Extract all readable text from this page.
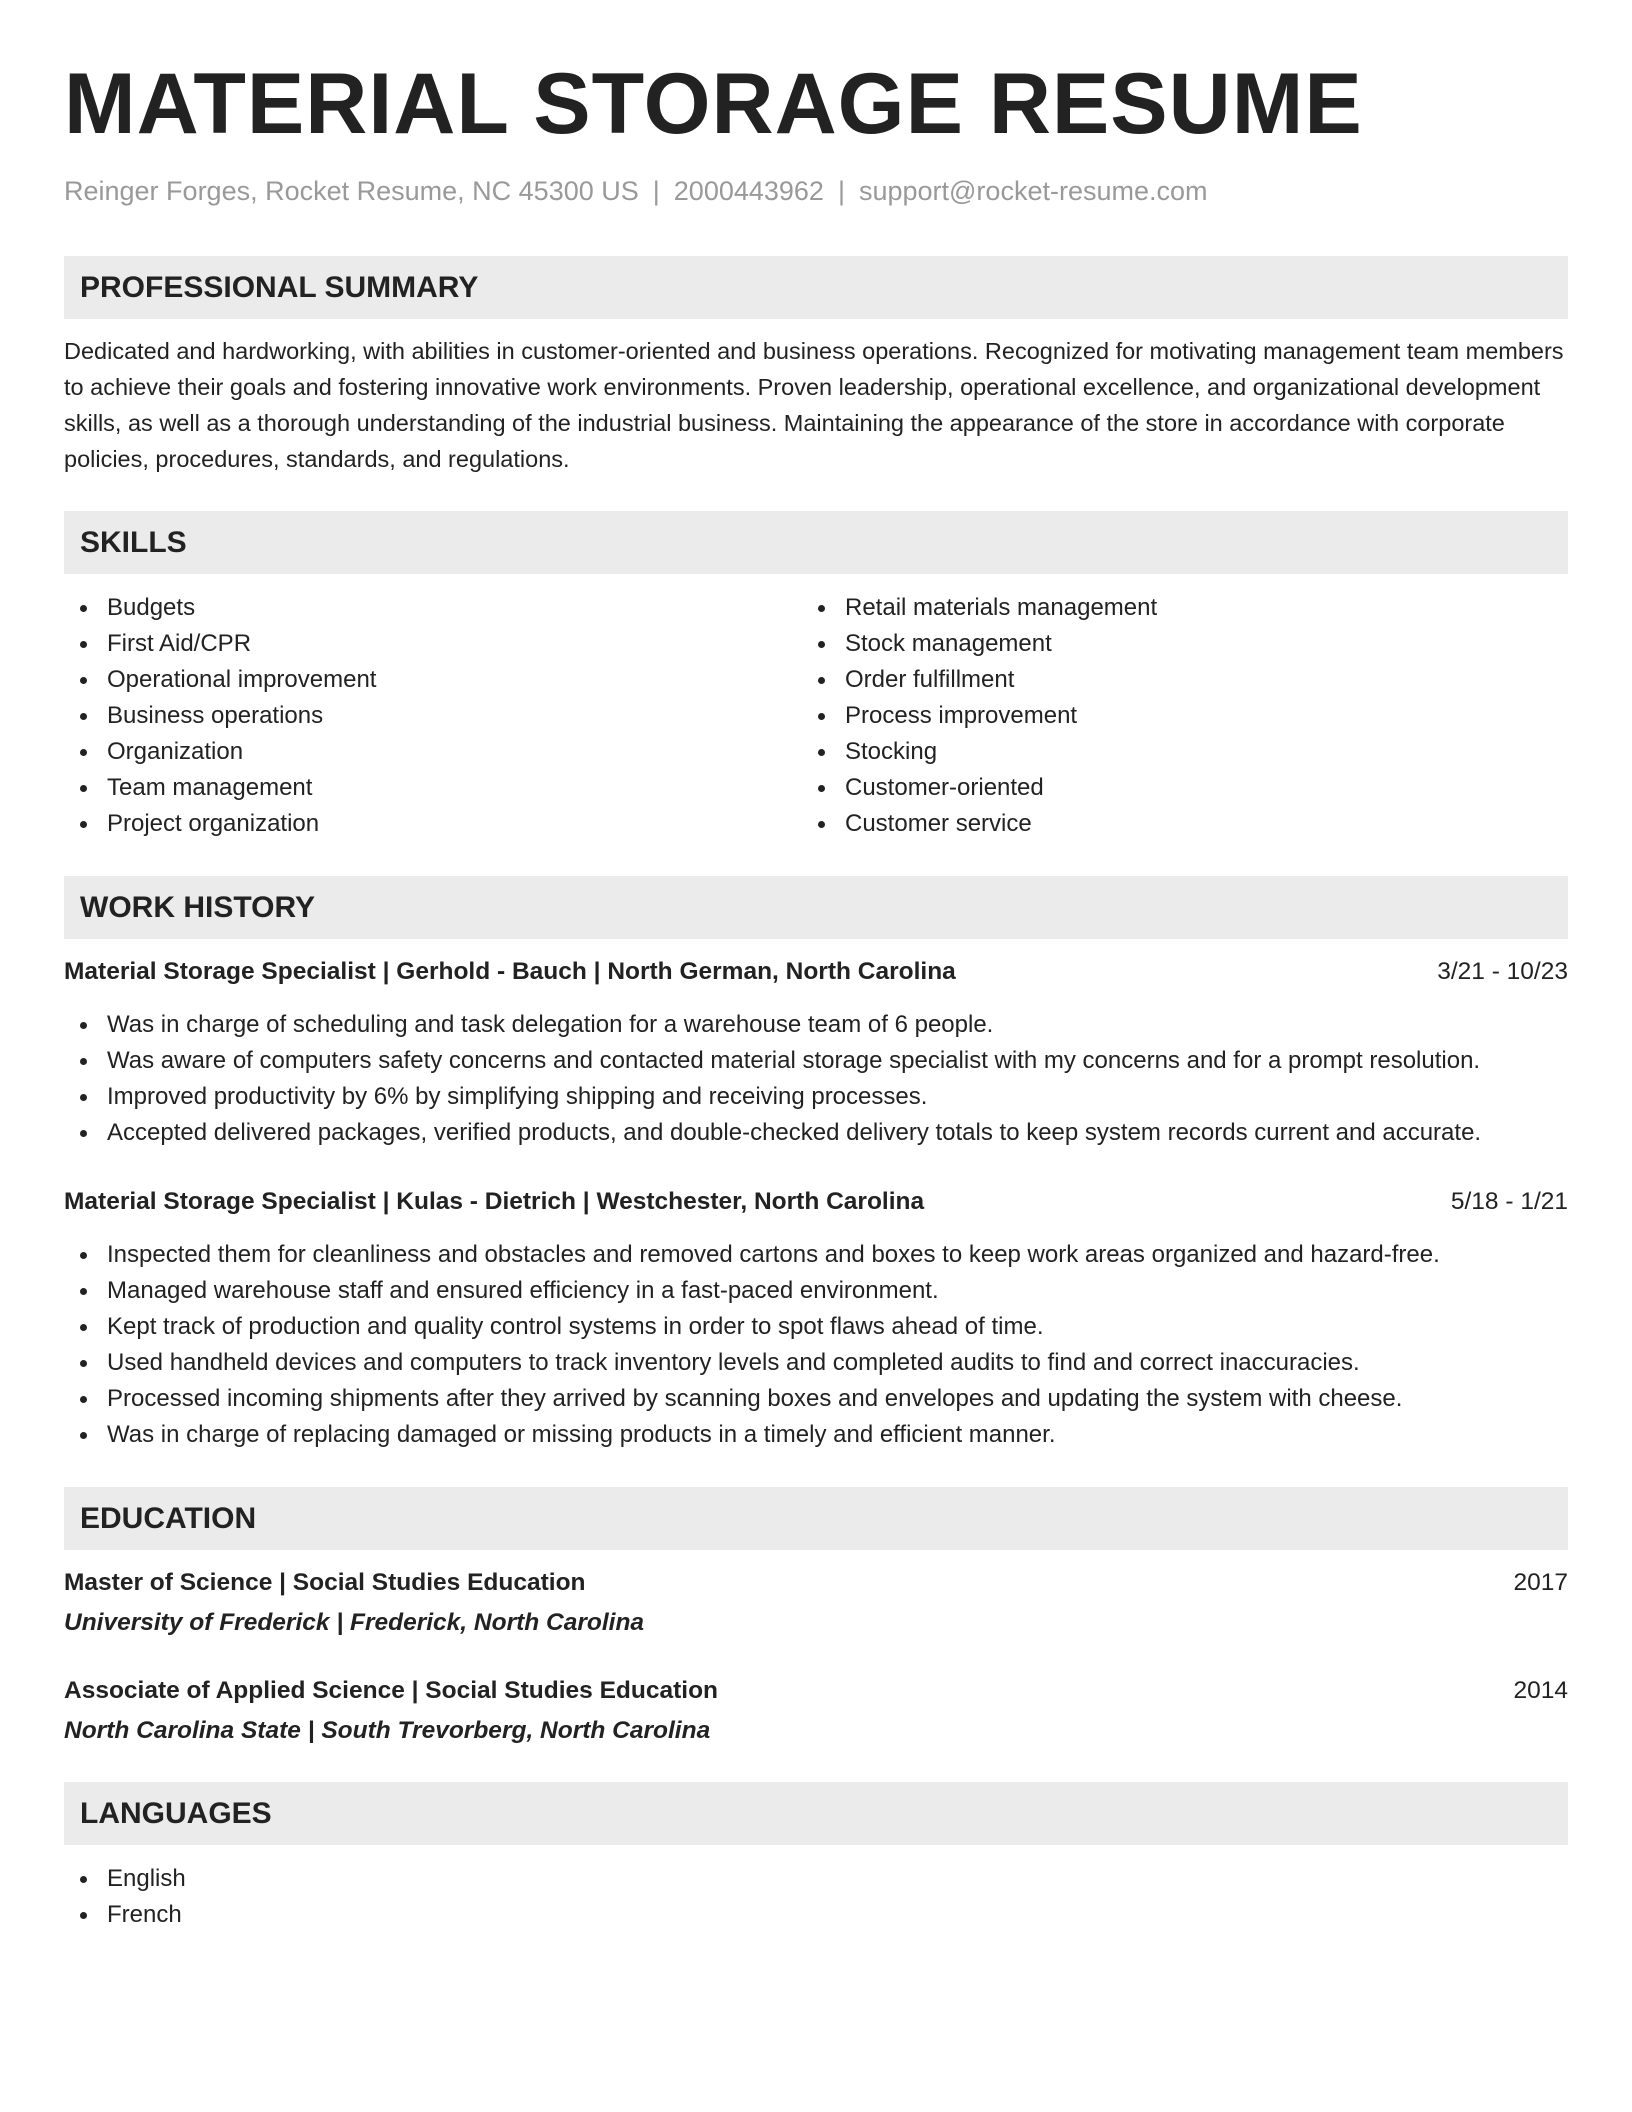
MATERIAL STORAGE RESUME
Reinger Forges, Rocket Resume, NC 45300 US | 2000443962 | support@rocket-resume.com
PROFESSIONAL SUMMARY

Dedicated and hardworking, with abilities in customer-oriented and business operations. Recognized for motivating management team members to achieve their goals and fostering innovative work environments. Proven leadership, operational excellence, and organizational development skills, as well as a thorough understanding of the industrial business. Maintaining the appearance of the store in accordance with corporate policies, procedures, standards, and regulations.

SKILLS
Budgets
First Aid/CPR
Operational improvement
Business operations
Organization
Team management
Project organization
Retail materials management
Stock management
Order fulfillment
Process improvement
Stocking
Customer-oriented
Customer service
WORK HISTORY
Material Storage Specialist | Gerhold - Bauch | North German, North Carolina	3/21 - 10/23
Was in charge of scheduling and task delegation for a warehouse team of 6 people.
Was aware of computers safety concerns and contacted material storage specialist with my concerns and for a prompt resolution.
Improved productivity by 6% by simplifying shipping and receiving processes.
Accepted delivered packages, verified products, and double-checked delivery totals to keep system records current and accurate.
Material Storage Specialist | Kulas - Dietrich | Westchester, North Carolina	5/18 - 1/21
Inspected them for cleanliness and obstacles and removed cartons and boxes to keep work areas organized and hazard-free.
Managed warehouse staff and ensured efficiency in a fast-paced environment.
Kept track of production and quality control systems in order to spot flaws ahead of time.
Used handheld devices and computers to track inventory levels and completed audits to find and correct inaccuracies.
Processed incoming shipments after they arrived by scanning boxes and envelopes and updating the system with cheese.
Was in charge of replacing damaged or missing products in a timely and efficient manner.
EDUCATION
Master of Science | Social Studies Education	2017
University of Frederick | Frederick, North Carolina
Associate of Applied Science | Social Studies Education	2014
North Carolina State | South Trevorberg, North Carolina
LANGUAGES
English
French
